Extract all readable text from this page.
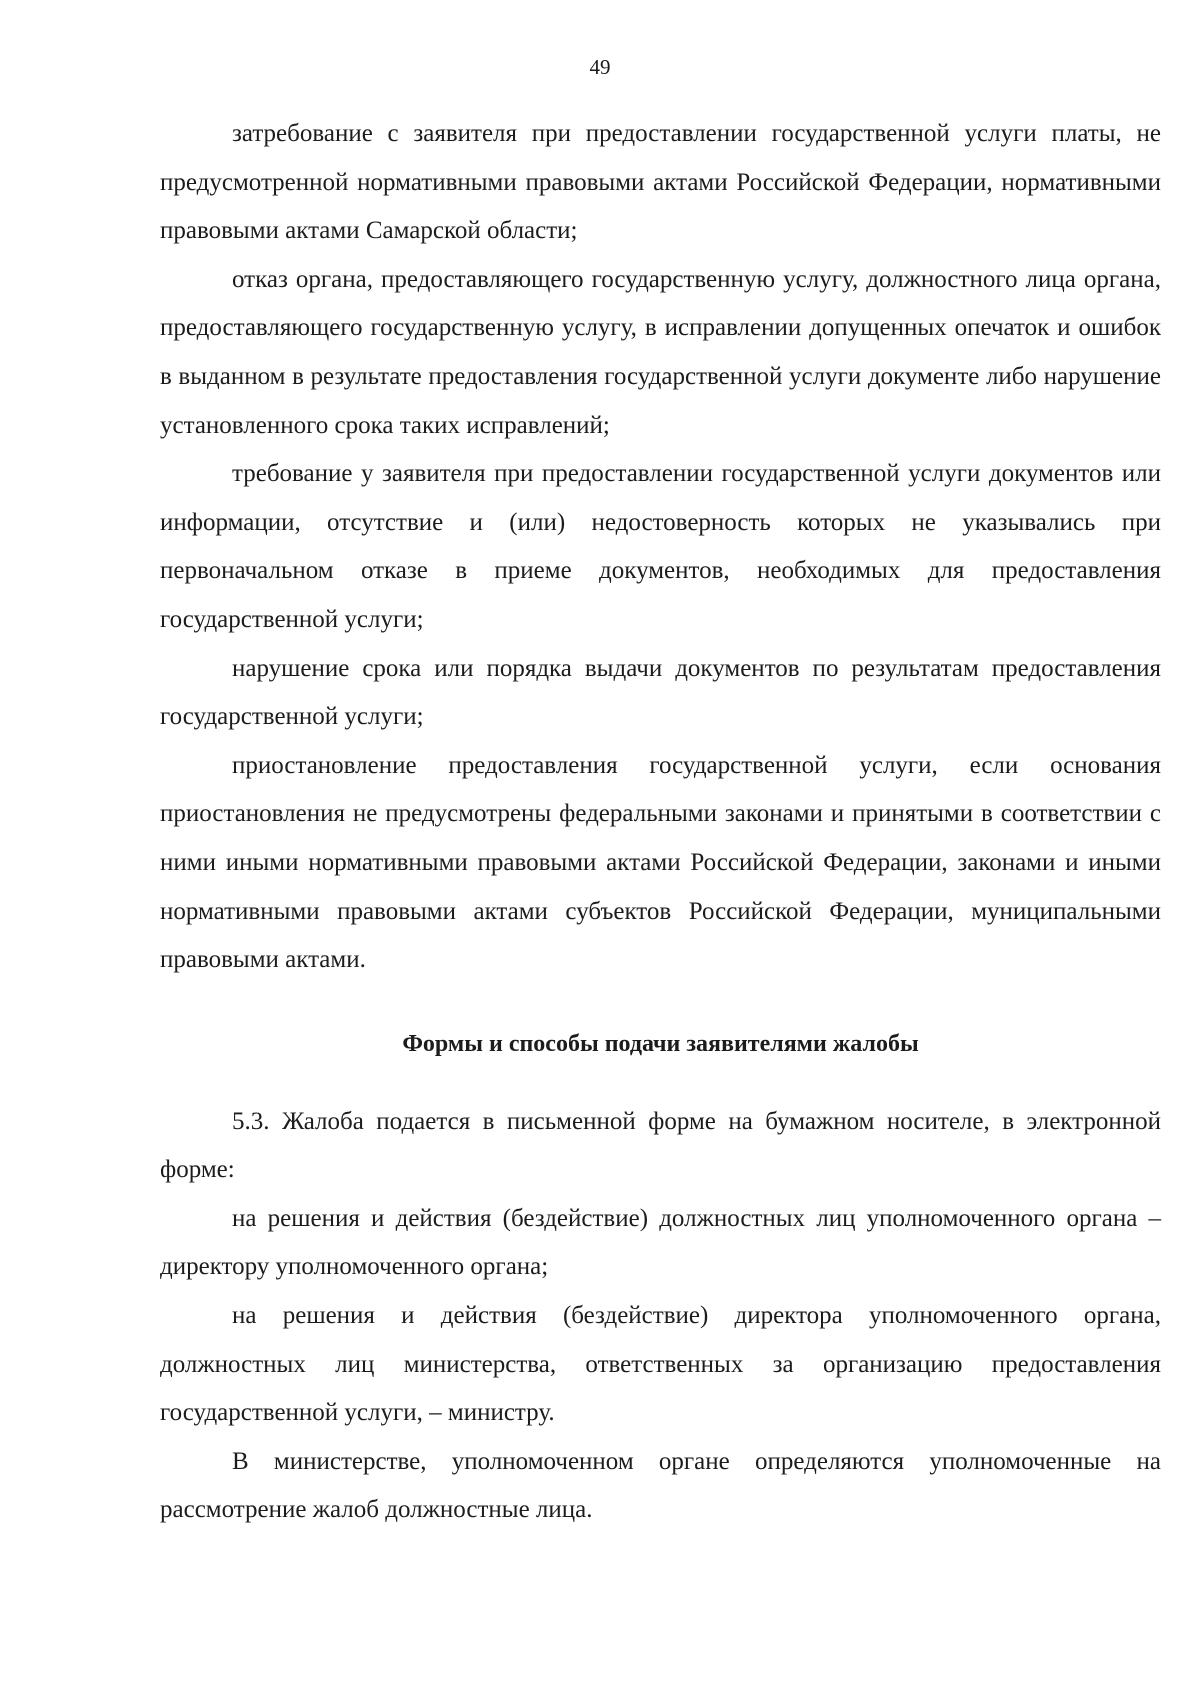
49

затребование с заявителя при предоставлении государственной услуги платы, не предусмотренной нормативными правовыми актами Российской Федерации, нормативными правовыми актами Самарской области;

отказ органа, предоставляющего государственную услугу, должностного лица органа, предоставляющего государственную услугу, в исправлении допущенных опечаток и ошибок в выданном в результате предоставления государственной услуги документе либо нарушение установленного срока таких исправлений;

требование у заявителя при предоставлении государственной услуги документов или информации, отсутствие и (или) недостоверность которых не указывались при первоначальном отказе в приеме документов, необходимых для предоставления государственной услуги;

нарушение срока или порядка выдачи документов по результатам предоставления государственной услуги;

приостановление предоставления государственной услуги, если основания приостановления не предусмотрены федеральными законами и принятыми в соответствии с ними иными нормативными правовыми актами Российской Федерации, законами и иными нормативными правовыми актами субъектов Российской Федерации, муниципальными правовыми актами.

Формы и способы подачи заявителями жалобы

5.3. Жалоба подается в письменной форме на бумажном носителе, в электронной форме:

на решения и действия (бездействие) должностных лиц уполномоченного органа – директору уполномоченного органа;

на решения и действия (бездействие) директора уполномоченного органа, должностных лиц министерства, ответственных за организацию предоставления государственной услуги, – министру.

В министерстве, уполномоченном органе определяются уполномоченные на рассмотрение жалоб должностные лица.
